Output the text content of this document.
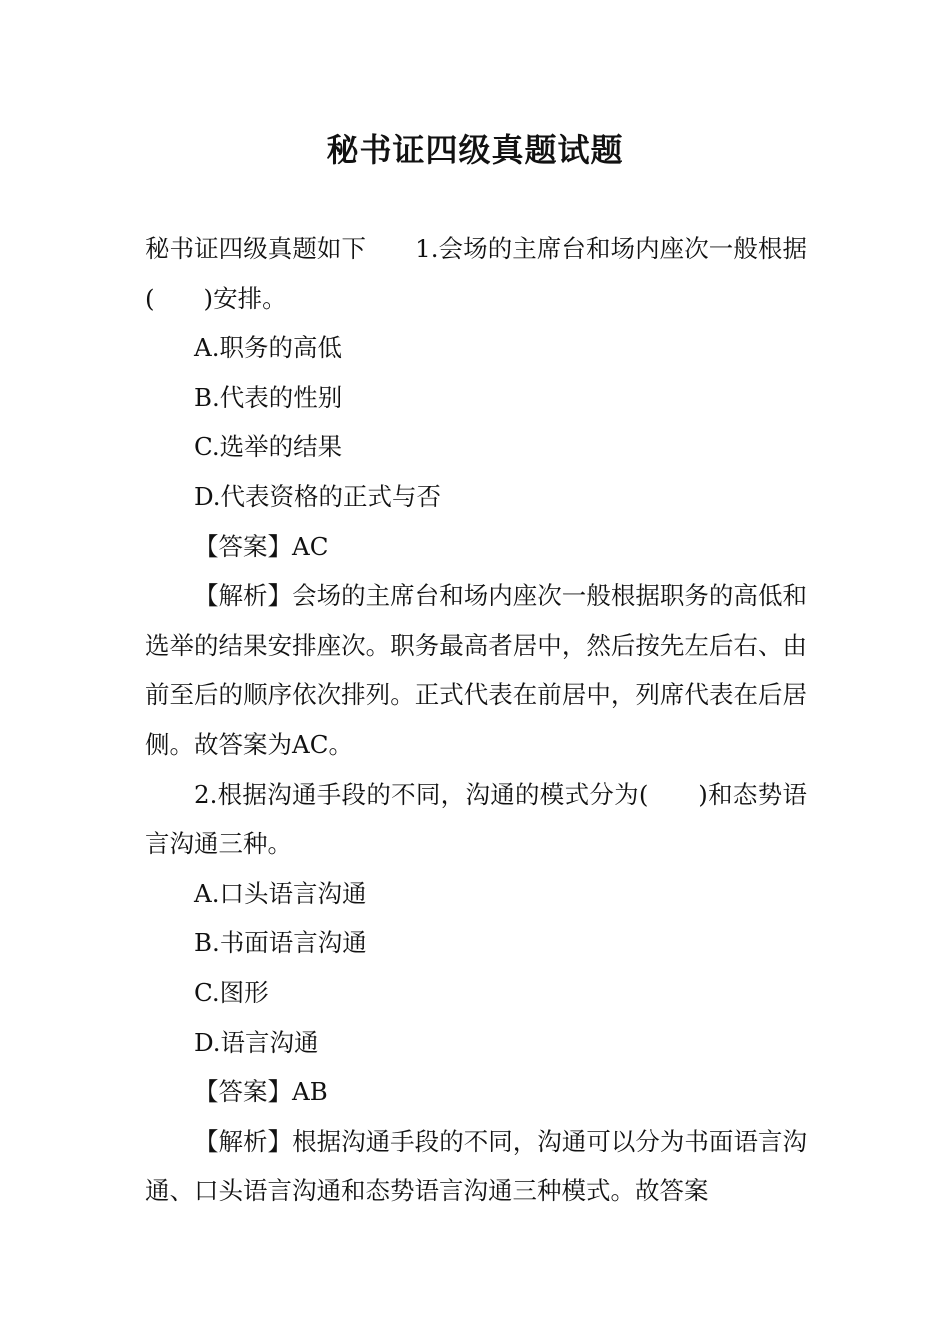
秘书证四级真题试题

秘书证四级真题如下　　1.会场的主席台和场内座次一般根据(　　)安排。

A.职务的高低

B.代表的性别

C.选举的结果

D.代表资格的正式与否

【答案】AC

【解析】会场的主席台和场内座次一般根据职务的高低和选举的结果安排座次。职务最高者居中，然后按先左后右、由前至后的顺序依次排列。正式代表在前居中，列席代表在后居侧。故答案为AC。

2.根据沟通手段的不同，沟通的模式分为(　　)和态势语言沟通三种。

A.口头语言沟通

B.书面语言沟通

C.图形

D.语言沟通

【答案】AB

【解析】根据沟通手段的不同，沟通可以分为书面语言沟通、口头语言沟通和态势语言沟通三种模式。故答案
